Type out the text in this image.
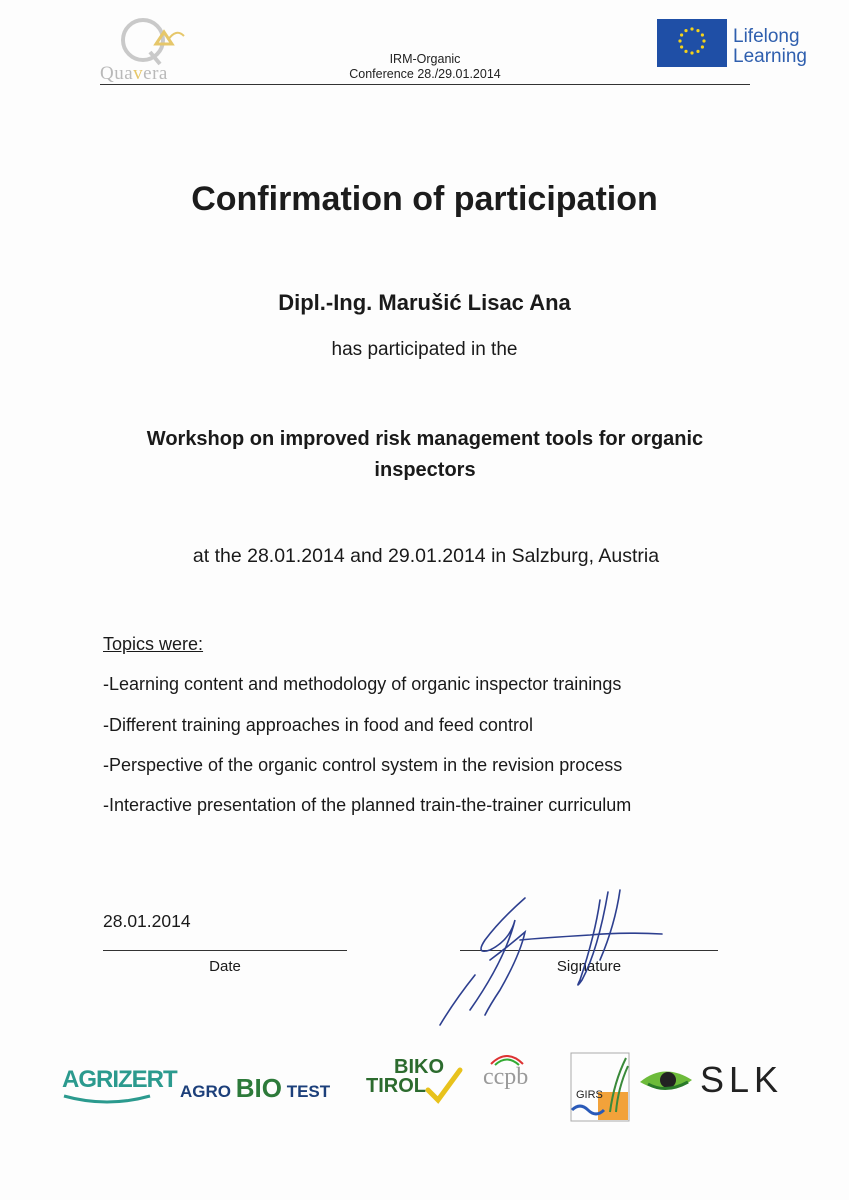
Quavera
IRM-Organic
Conference 28./29.01.2014
Lifelong
Learning
Confirmation of participation
Dipl.-Ing. Marušić Lisac Ana
has participated in the
Workshop on improved risk management tools for organic
inspectors
at the 28.01.2014 and 29.01.2014 in Salzburg, Austria
Topics were:
-Learning content and methodology of organic inspector trainings
-Different training approaches in food and feed control
-Perspective of the organic control system in the revision process
-Interactive presentation of the planned train-the-trainer curriculum
28.01.2014
Date	Signature
AGRIZERT AGRO BIO TEST
BIKO
TIROL	ccpb
GIRS	SLK
